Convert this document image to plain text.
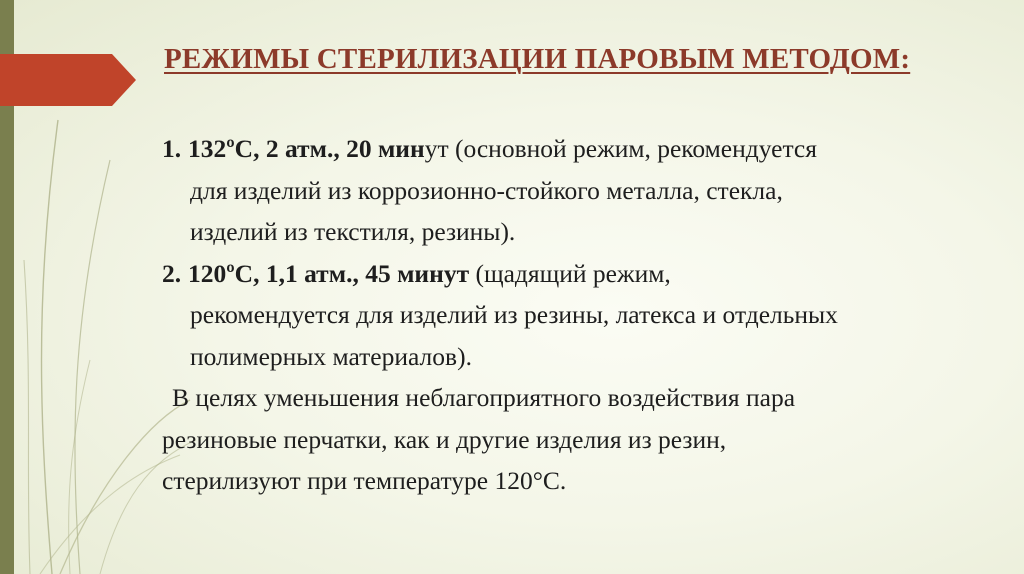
РЕЖИМЫ СТЕРИЛИЗАЦИИ ПАРОВЫМ МЕТОДОМ:
1. 132ºС, 2 атм., 20 минут (основной режим, рекомендуется
для изделий из коррозионно-стойкого металла, стекла,
изделий из текстиля, резины).
2. 120ºС, 1,1 атм., 45 минут (щадящий режим,
рекомендуется для изделий из резины, латекса и отдельных
полимерных материалов).
В целях уменьшения неблагоприятного воздействия пара
резиновые перчатки, как и другие изделия из резин,
стерилизуют при температуре 120°С.
